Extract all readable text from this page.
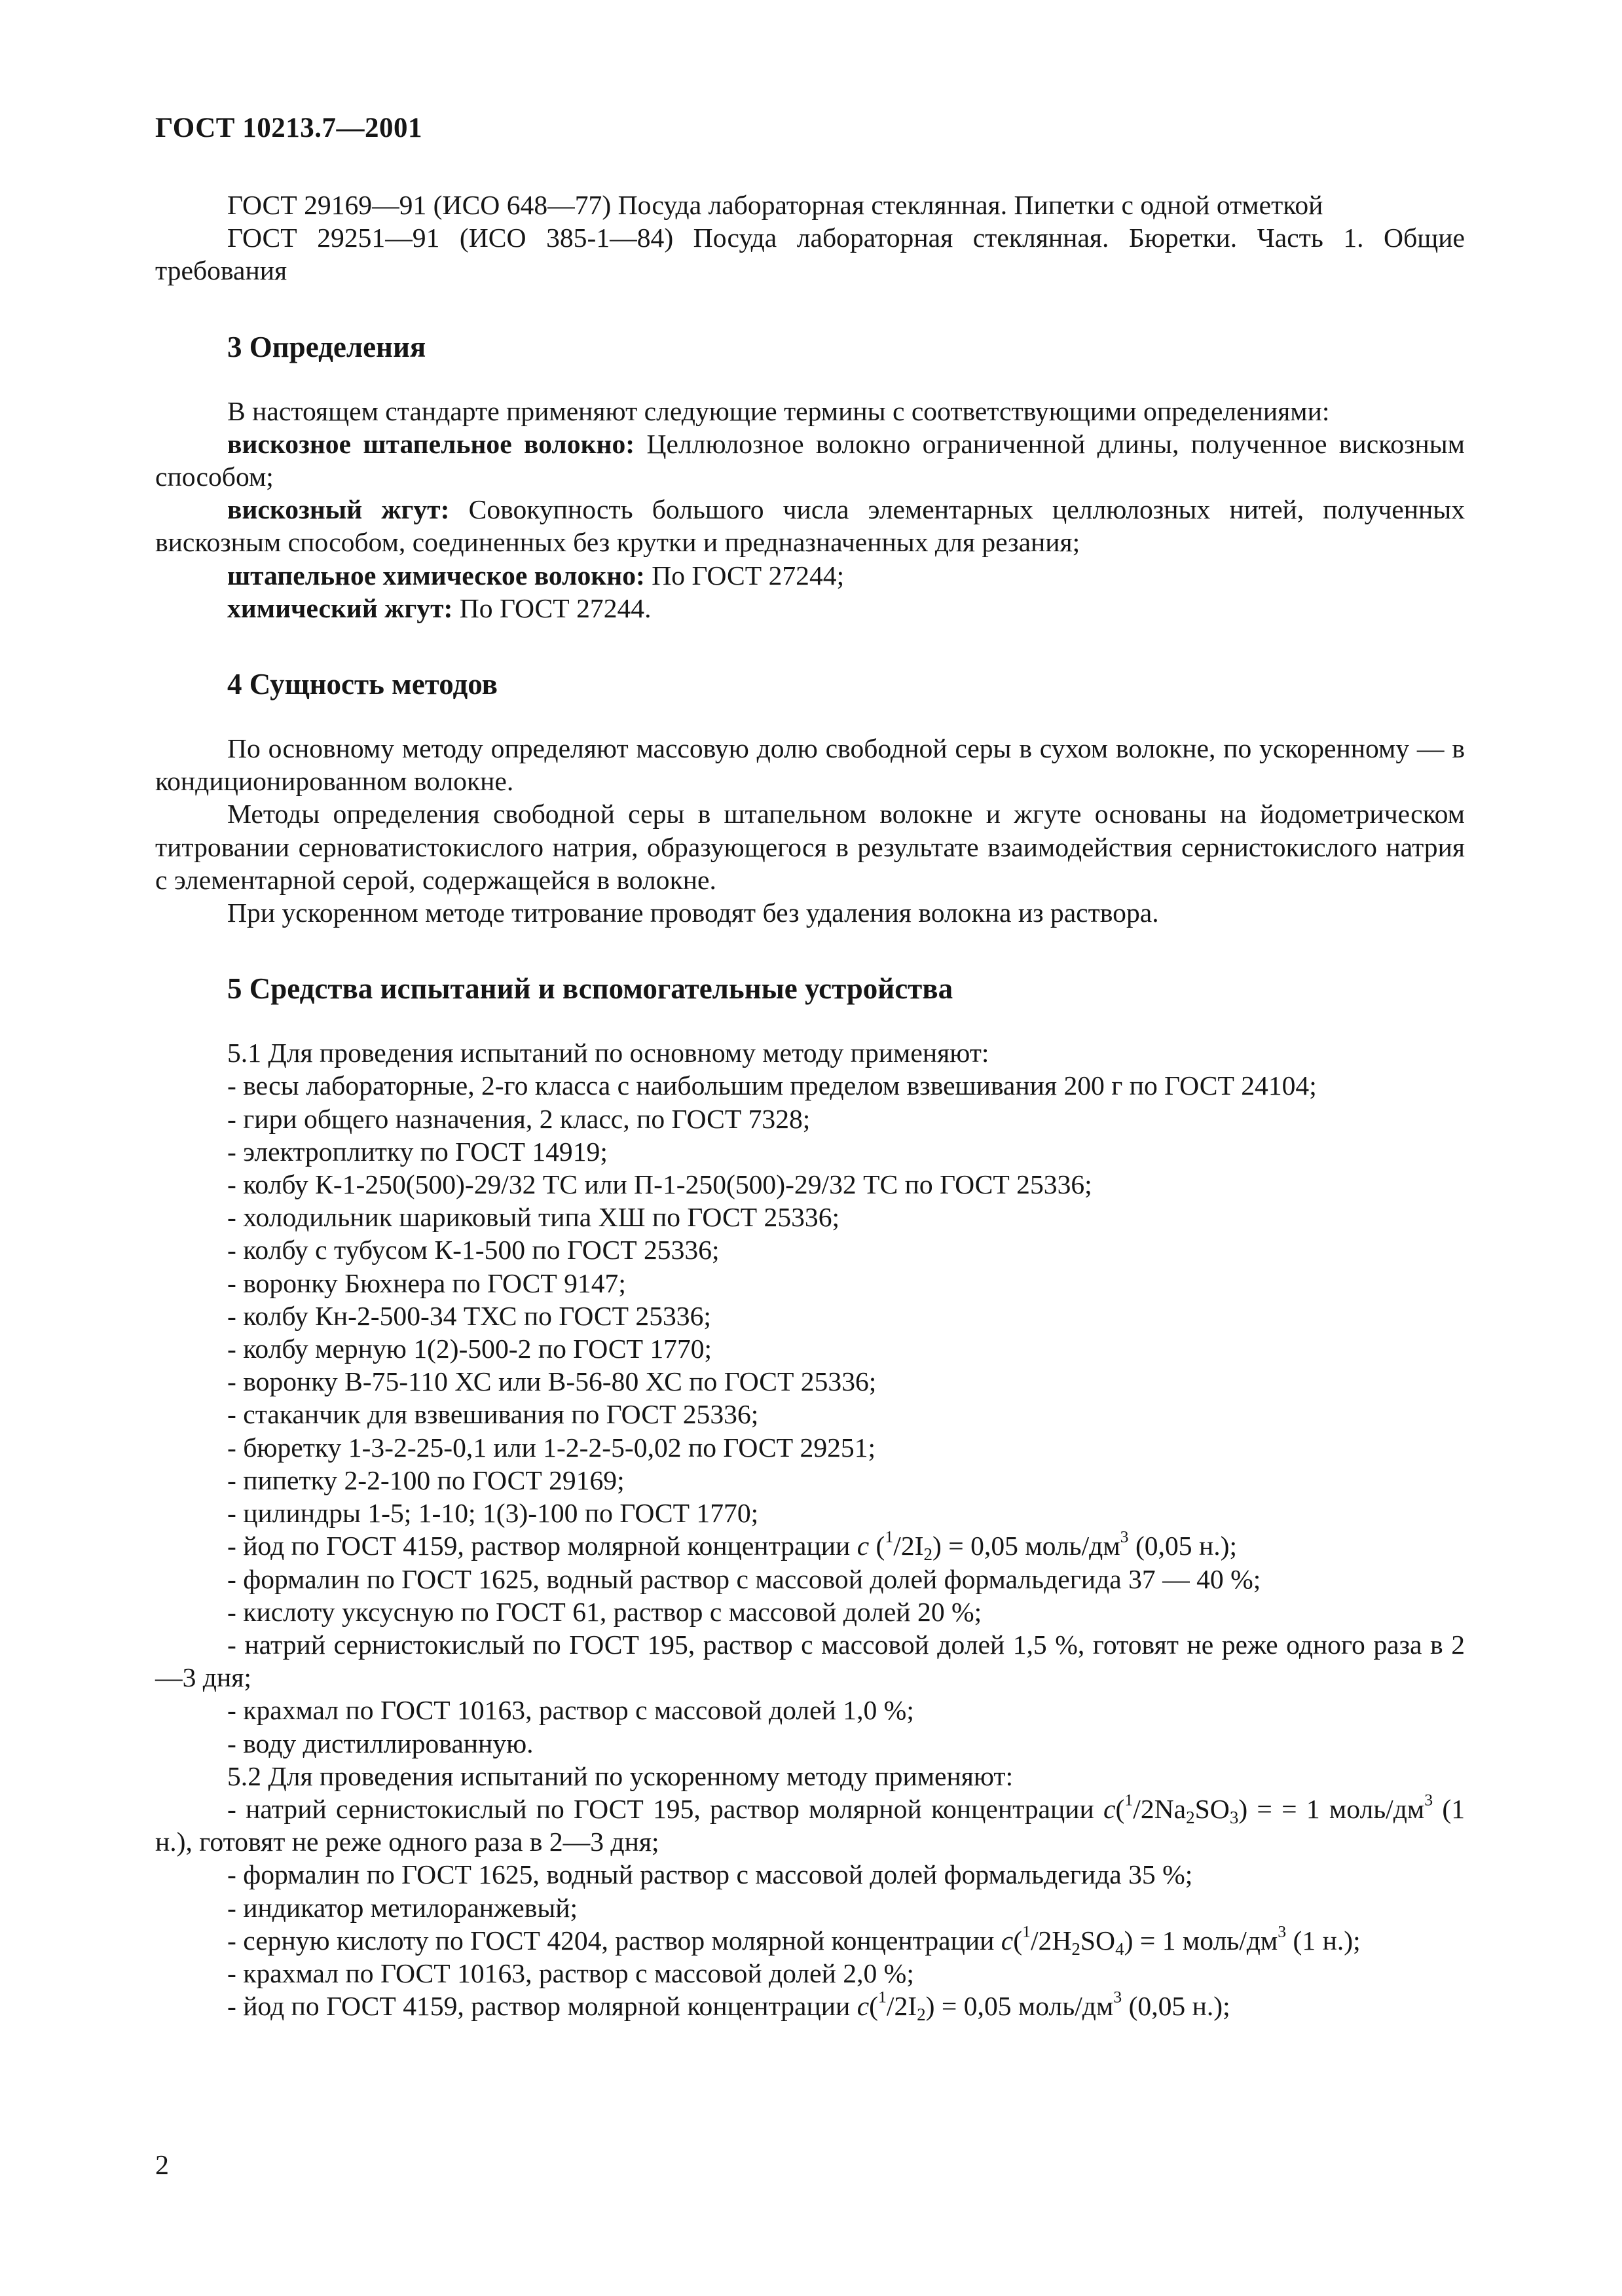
ГОСТ 10213.7—2001

ГОСТ 29169—91 (ИСО 648—77) Посуда лабораторная стеклянная. Пипетки с одной отметкой

ГОСТ 29251—91 (ИСО 385-1—84) Посуда лабораторная стеклянная. Бюретки. Часть 1. Общие требования

3 Определения

В настоящем стандарте применяют следующие термины с соответствующими определениями:

вискозное штапельное волокно: Целлюлозное волокно ограниченной длины, полученное вискозным способом;

вискозный жгут: Совокупность большого числа элементарных целлюлозных нитей, полученных вискозным способом, соединенных без крутки и предназначенных для резания;

штапельное химическое волокно: По ГОСТ 27244;

химический жгут: По ГОСТ 27244.

4 Сущность методов

По основному методу определяют массовую долю свободной серы в сухом волокне, по ускоренному — в кондиционированном волокне.

Методы определения свободной серы в штапельном волокне и жгуте основаны на йодометрическом титровании серноватистокислого натрия, образующегося в результате взаимодействия сернистокислого натрия с элементарной серой, содержащейся в волокне.

При ускоренном методе титрование проводят без удаления волокна из раствора.

5 Средства испытаний и вспомогательные устройства

5.1 Для проведения испытаний по основному методу применяют:

- весы лабораторные, 2-го класса с наибольшим пределом взвешивания 200 г по ГОСТ 24104;

- гири общего назначения, 2 класс, по ГОСТ 7328;

- электроплитку по ГОСТ 14919;

- колбу К-1-250(500)-29/32 ТС или П-1-250(500)-29/32 ТС по ГОСТ 25336;

- холодильник шариковый типа ХШ по ГОСТ 25336;

- колбу с тубусом К-1-500 по ГОСТ 25336;

- воронку Бюхнера по ГОСТ 9147;

- колбу Кн-2-500-34 ТХС по ГОСТ 25336;

- колбу мерную 1(2)-500-2 по ГОСТ 1770;

- воронку В-75-110 ХС или В-56-80 ХС по ГОСТ 25336;

- стаканчик для взвешивания по ГОСТ 25336;

- бюретку 1-3-2-25-0,1 или 1-2-2-5-0,02 по ГОСТ 29251;

- пипетку 2-2-100 по ГОСТ 29169;

- цилиндры 1-5; 1-10; 1(3)-100 по ГОСТ 1770;

- йод по ГОСТ 4159, раствор молярной концентрации c $(^1/2I_2) = 0,05$ моль/$дм^3$ (0,05 н.);

- формалин по ГОСТ 1625, водный раствор с массовой долей формальдегида 37 — 40 %;

- кислоту уксусную по ГОСТ 61, раствор с массовой долей 20 %;

- натрий сернистокислый по ГОСТ 195, раствор с массовой долей 1,5 %, готовят не реже одного раза в 2—3 дня;

- крахмал по ГОСТ 10163, раствор с массовой долей 1,0 %;

- воду дистиллированную.

5.2 Для проведения испытаний по ускоренному методу применяют:

- натрий сернистокислый по ГОСТ 195, раствор молярной концентрации $c(^1/2Na_2SO_3)$ = = 1 моль/$дм^3$ (1 н.), готовят не реже одного раза в 2—3 дня;

- формалин по ГОСТ 1625, водный раствор с массовой долей формальдегида 35 %;

- индикатор метилоранжевый;

- серную кислоту по ГОСТ 4204, раствор молярной концентрации $c(^1/2H_2SO_4) = 1$ моль/$дм^3$ (1 н.);

- крахмал по ГОСТ 10163, раствор с массовой долей 2,0 %;

- йод по ГОСТ 4159, раствор молярной концентрации $c(^1/2I_2) = 0,05$ моль/$дм^3$ (0,05 н.);

2
